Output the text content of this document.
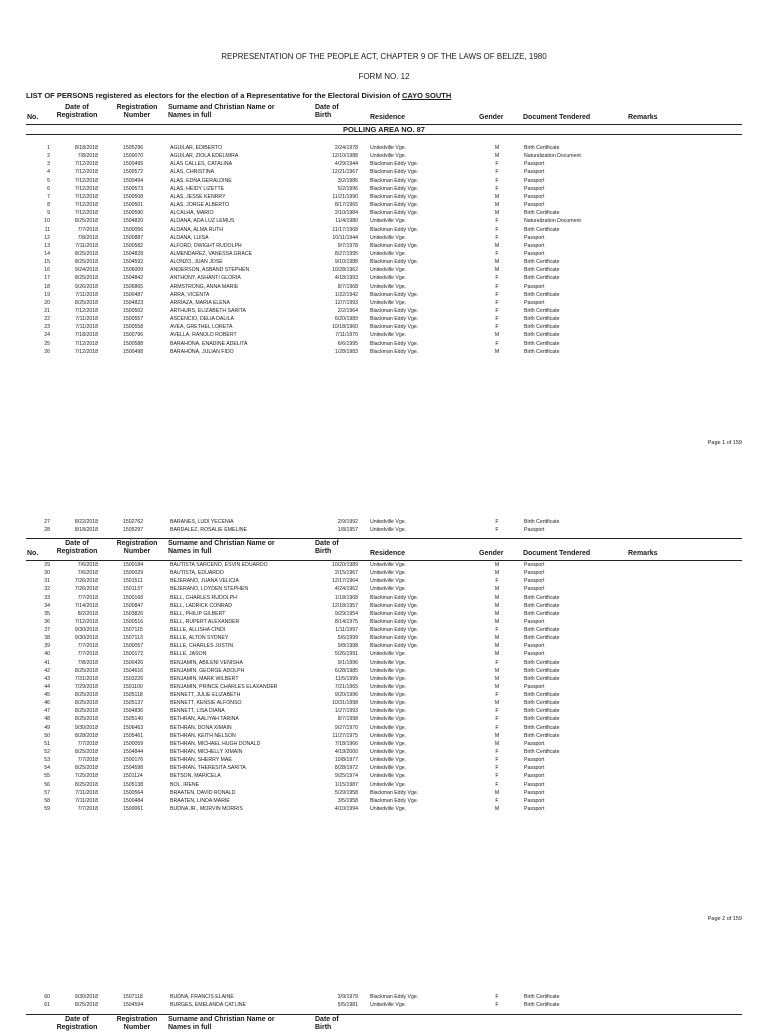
REPRESENTATION OF THE PEOPLE ACT, CHAPTER 9 OF THE LAWS OF BELIZE, 1980
FORM NO. 12
LIST OF PERSONS registered as electors for the election of a Representative for the Electoral Division of CAYO SOUTH
No.
Date of
Registration
Registration
Number
Surname and Christian Name or
Names in full
Date of
Birth	Residence	Gender	Document Tendered	Remarks
POLLING AREA NO. 87
1	8/18/2018	1505296	AGUILAR, EDIBERTO	2/24/1978 Unitedville Vge.	M	Birth Certificate
2	7/8/2018	1500070	AGUILAR, ZIOLA EDELMIRA	12/10/1988 Unitedville Vge.	M	Naturalization Document
3	7/12/2018	1500495	ALAS CALLES, CATALINA	4/29/1944 Blackman Eddy Vge.	F	Passport
4	7/12/2018	1500572	ALAS, CHRISTINA	12/21/1967 Blackman Eddy Vge.	F	Passport
5	7/12/2018	1500494	ALAS, EDNA GERALDINE	3/2/1986 Blackman Eddy Vge.	F	Passport
6	7/12/2018	1500573	ALAS, HEIDY LIZETTE	5/2/1996 Blackman Eddy Vge.	F	Passport
7	7/12/2018	1500508	ALAS, JESSE KENRRY	11/21/1990 Blackman Eddy Vge.	M	Passport
8	7/12/2018	1500501	ALAS, JORGE ALBERTO	8/17/1965 Blackman Eddy Vge.	M	Passport
9	7/12/2018	1500590	ALCALHA, MARIO	2/10/1984 Blackman Eddy Vge.	M	Birth Certificate
10	8/25/2018	1504820	ALDANA, ADA LUZ LEMUS	11/4/1980 Unitedville Vge.	F	Naturalization Document
11	7/7/2018	1500056	ALDANA, ALMA RUTH	11/17/1968 Blackman Eddy Vge.	F	Birth Certificate
12	7/8/2018	1500887	ALDANA, LUISA	10/11/1944 Unitedville Vge.	F	Passport
13	7/11/2018	1500582	ALFORD, DWIGHT RUDOLPH	9/7/1978 Blackman Eddy Vge.	M	Passport
14	8/25/2018	1504828	ALMENDAREZ, VANESSA GRACE	8/27/1995 Unitedville Vge.	F	Passport
15	8/25/2018	1504592	ALONZO, JUAN JOSE	9/10/1988 Blackman Eddy Vge.	M	Birth Certificate
16	9/24/2018	1506009	ANDERSON, ASBAND STEPHEN	10/28/1962 Unitedville Vge.	M	Birth Certificate
17	8/25/2018	1504842	ANTHONY, ASHANTI GLORIA	4/18/1993 Unitedville Vge.	F	Birth Certificate
18	9/26/2018	1506865	ARMSTRONG, ANNA MARIE	8/7/1968 Unitedville Vge.	F	Passport
19	7/11/2018	1500487	ARRA, VICENTA	1/22/1942 Blackman Eddy Vge.	F	Birth Certificate
20	8/25/2018	1504823	ARRIAZA, MARIA ELENA	12/7/1993 Unitedville Vge.	F	Passport
21	7/12/2018	1500502	ARTHURS, ELIZABETH SARITA	2/2/1964 Blackman Eddy Vge.	F	Birth Certificate
22	7/11/2018	1500557	ASCENCIO, DELIA DALILA	6/20/1989 Blackman Eddy Vge.	F	Birth Certificate
23	7/11/2018	1500558	AVEA, GRETHEL LORETA	10/18/1960 Blackman Eddy Vge.	F	Birth Certificate
24	7/18/2018	1500796	AVELLA, RANOLD ROBERT	7/11/1970 Unitedville Vge.	M	Birth Certificate
25	7/12/2018	1500588	BARAHONA, ENADINE ADELITA	6/6/1995 Blackman Eddy Vge.	F	Birth Certificate
26	7/12/2018	1500498	BARAHONA, JULIAN FIDO	1/28/1983 Blackman Eddy Vge.	M	Birth Certificate
Page 1 of 159
27	8/22/2018	1502762	BARANES, LUDI YECENIA	2/9/1992 Unitedville Vge.	F	Birth Certificate
28	8/18/2018	1505297	BARDALEZ, ROSALIE EMELINE	1/8/1957 Unitedville Vge.	F	Passport
No.
Date of
Registration
Registration
Number
Surname and Christian Name or
Names in full
Date of
Birth	Residence	Gender	Document Tendered	Remarks
29	7/6/2018	1500184	BAUTISTA SARCENO, ESVIN EDUARDO	10/20/1989 Unitedville Vge.	M	Passport
30	7/6/2018	1500029	BAUTISTA, EDUARDO	2/15/1967 Unitedville Vge.	M	Passport
31	7/26/2018	1501511	BEJERANO, JUANA VELICIA	12/17/1964 Unitedville Vge.	F	Passport
32	7/26/2018	1501137	BEJERANO, LOYDEN STEPHEN	4/24/1962 Unitedville Vge.	M	Passport
33	7/7/2018	1500168	BELL, CHARLES RUDOLPH	1/18/1968 Blackman Eddy Vge.	M	Birth Certificate
34	7/14/2018	1500847	BELL, LADRICK CONRAD	12/18/1957 Blackman Eddy Vge.	M	Birth Certificate
35	8/2/2018	1503826	BELL, PHILIP GILBERT	9/29/1954 Blackman Eddy Vge.	M	Birth Certificate
36	7/12/2018	1500516	BELL, RUPERT ALEXANDER	8/14/1975 Blackman Eddy Vge.	M	Passport
37	9/30/2018	1507115	BELLE, ALLISHA CINDI	1/11/1997 Blackman Eddy Vge.	F	Birth Certificate
38	9/30/2018	1507113	BELLE, ALTON SYDNEY	5/6/1999 Blackman Eddy Vge.	M	Birth Certificate
39	7/7/2018	1500057	BELLE, CHARLES JUSTIN	9/8/1998 Blackman Eddy Vge.	M	Passport
40	7/7/2018	1500172	BELLE, JASON	5/26/1991 Unitedville Vge.	M	Passport
41	7/8/2018	1500426	BENJAMIN, ABILENI VENISHA	9/1/1996 Unitedville Vge.	F	Birth Certificate
42	8/25/2018	1504616	BENJAMIN, GEORGE ADOLPH	6/28/1985 Unitedville Vge.	M	Birth Certificate
43	7/31/2018	1503226	BENJAMIN, MARK WILBERT	11/5/1999 Unitedville Vge.	M	Birth Certificate
44	7/29/2018	1501100	BENJAMIN, PRINCE CHARLES ELAXANDER	7/21/1965 Unitedville Vge.	M	Passport
45	8/25/2018	1505118	BENNETT, JULIE ELIZABETH	9/20/1996 Unitedville Vge.	F	Birth Certificate
46	8/25/2018	1505137	BENNETT, KENSIE ALFONSO	10/31/1998 Unitedville Vge.	M	Birth Certificate
47	8/25/2018	1504836	BENNETT, LISA DIANA	1/27/1993 Unitedville Vge.	F	Birth Certificate
48	8/25/2018	1505140	BETHRAN, AALIYAH TARINA	8/7/1998 Unitedville Vge.	F	Birth Certificate
49	9/30/2018	1506463	BETHRAN, DONA XIMAIN	9/27/1970 Unitedville Vge.	F	Birth Certificate
50	8/28/2018	1505461	BETHRAN, KEITH NELSON	11/27/1975 Unitedville Vge.	M	Birth Certificate
51	7/7/2018	1500059	BETHRAN, MICHAEL HUGH DONALD	7/18/1966 Unitedville Vge.	M	Passport
52	8/25/2018	1504844	BETHRAN, MICHELLY XIMAIN	4/19/2000 Unitedville Vge.	F	Birth Certificate
53	7/7/2018	1500176	BETHRAN, SHERRY MAE	10/8/1977 Unitedville Vge.	F	Passport
54	8/25/2018	1504598	BETHRAN, THERESITA SARITA	8/28/1972 Unitedville Vge.	F	Passport
55	7/25/2018	1501124	BETSON, MARICELA	9/25/1974 Unitedville Vge.	F	Passport
56	8/25/2018	1505138	BOL, IRENE	1/15/1987 Unitedville Vge.	F	Passport
57	7/11/2018	1500564	BRAATEN, DAVID RONALD	5/29/1958 Blackman Eddy Vge.	M	Passport
58	7/11/2018	1500484	BRAATEN, LINDA MARIE	3/5/1958 Blackman Eddy Vge.	F	Passport
59	7/7/2018	1500061	BUDNA JR., MORVIN MORRIS	4/10/1994 Unitedville Vge.	M	Passport
Page 2 of 159
60	9/30/2018	1507118	BUDNA, FRANCIS ELAINE	3/9/1979 Blackman Eddy Vge.	F	Birth Certificate
61	8/25/2018	1504594	BURGES, EMELANDA CATLINE	5/5/1981 Unitedville Vge.	F	Birth Certificate
Date of
Registration
Registration
Number
Surname and Christian Name or
Names in full
Date of
Birth
